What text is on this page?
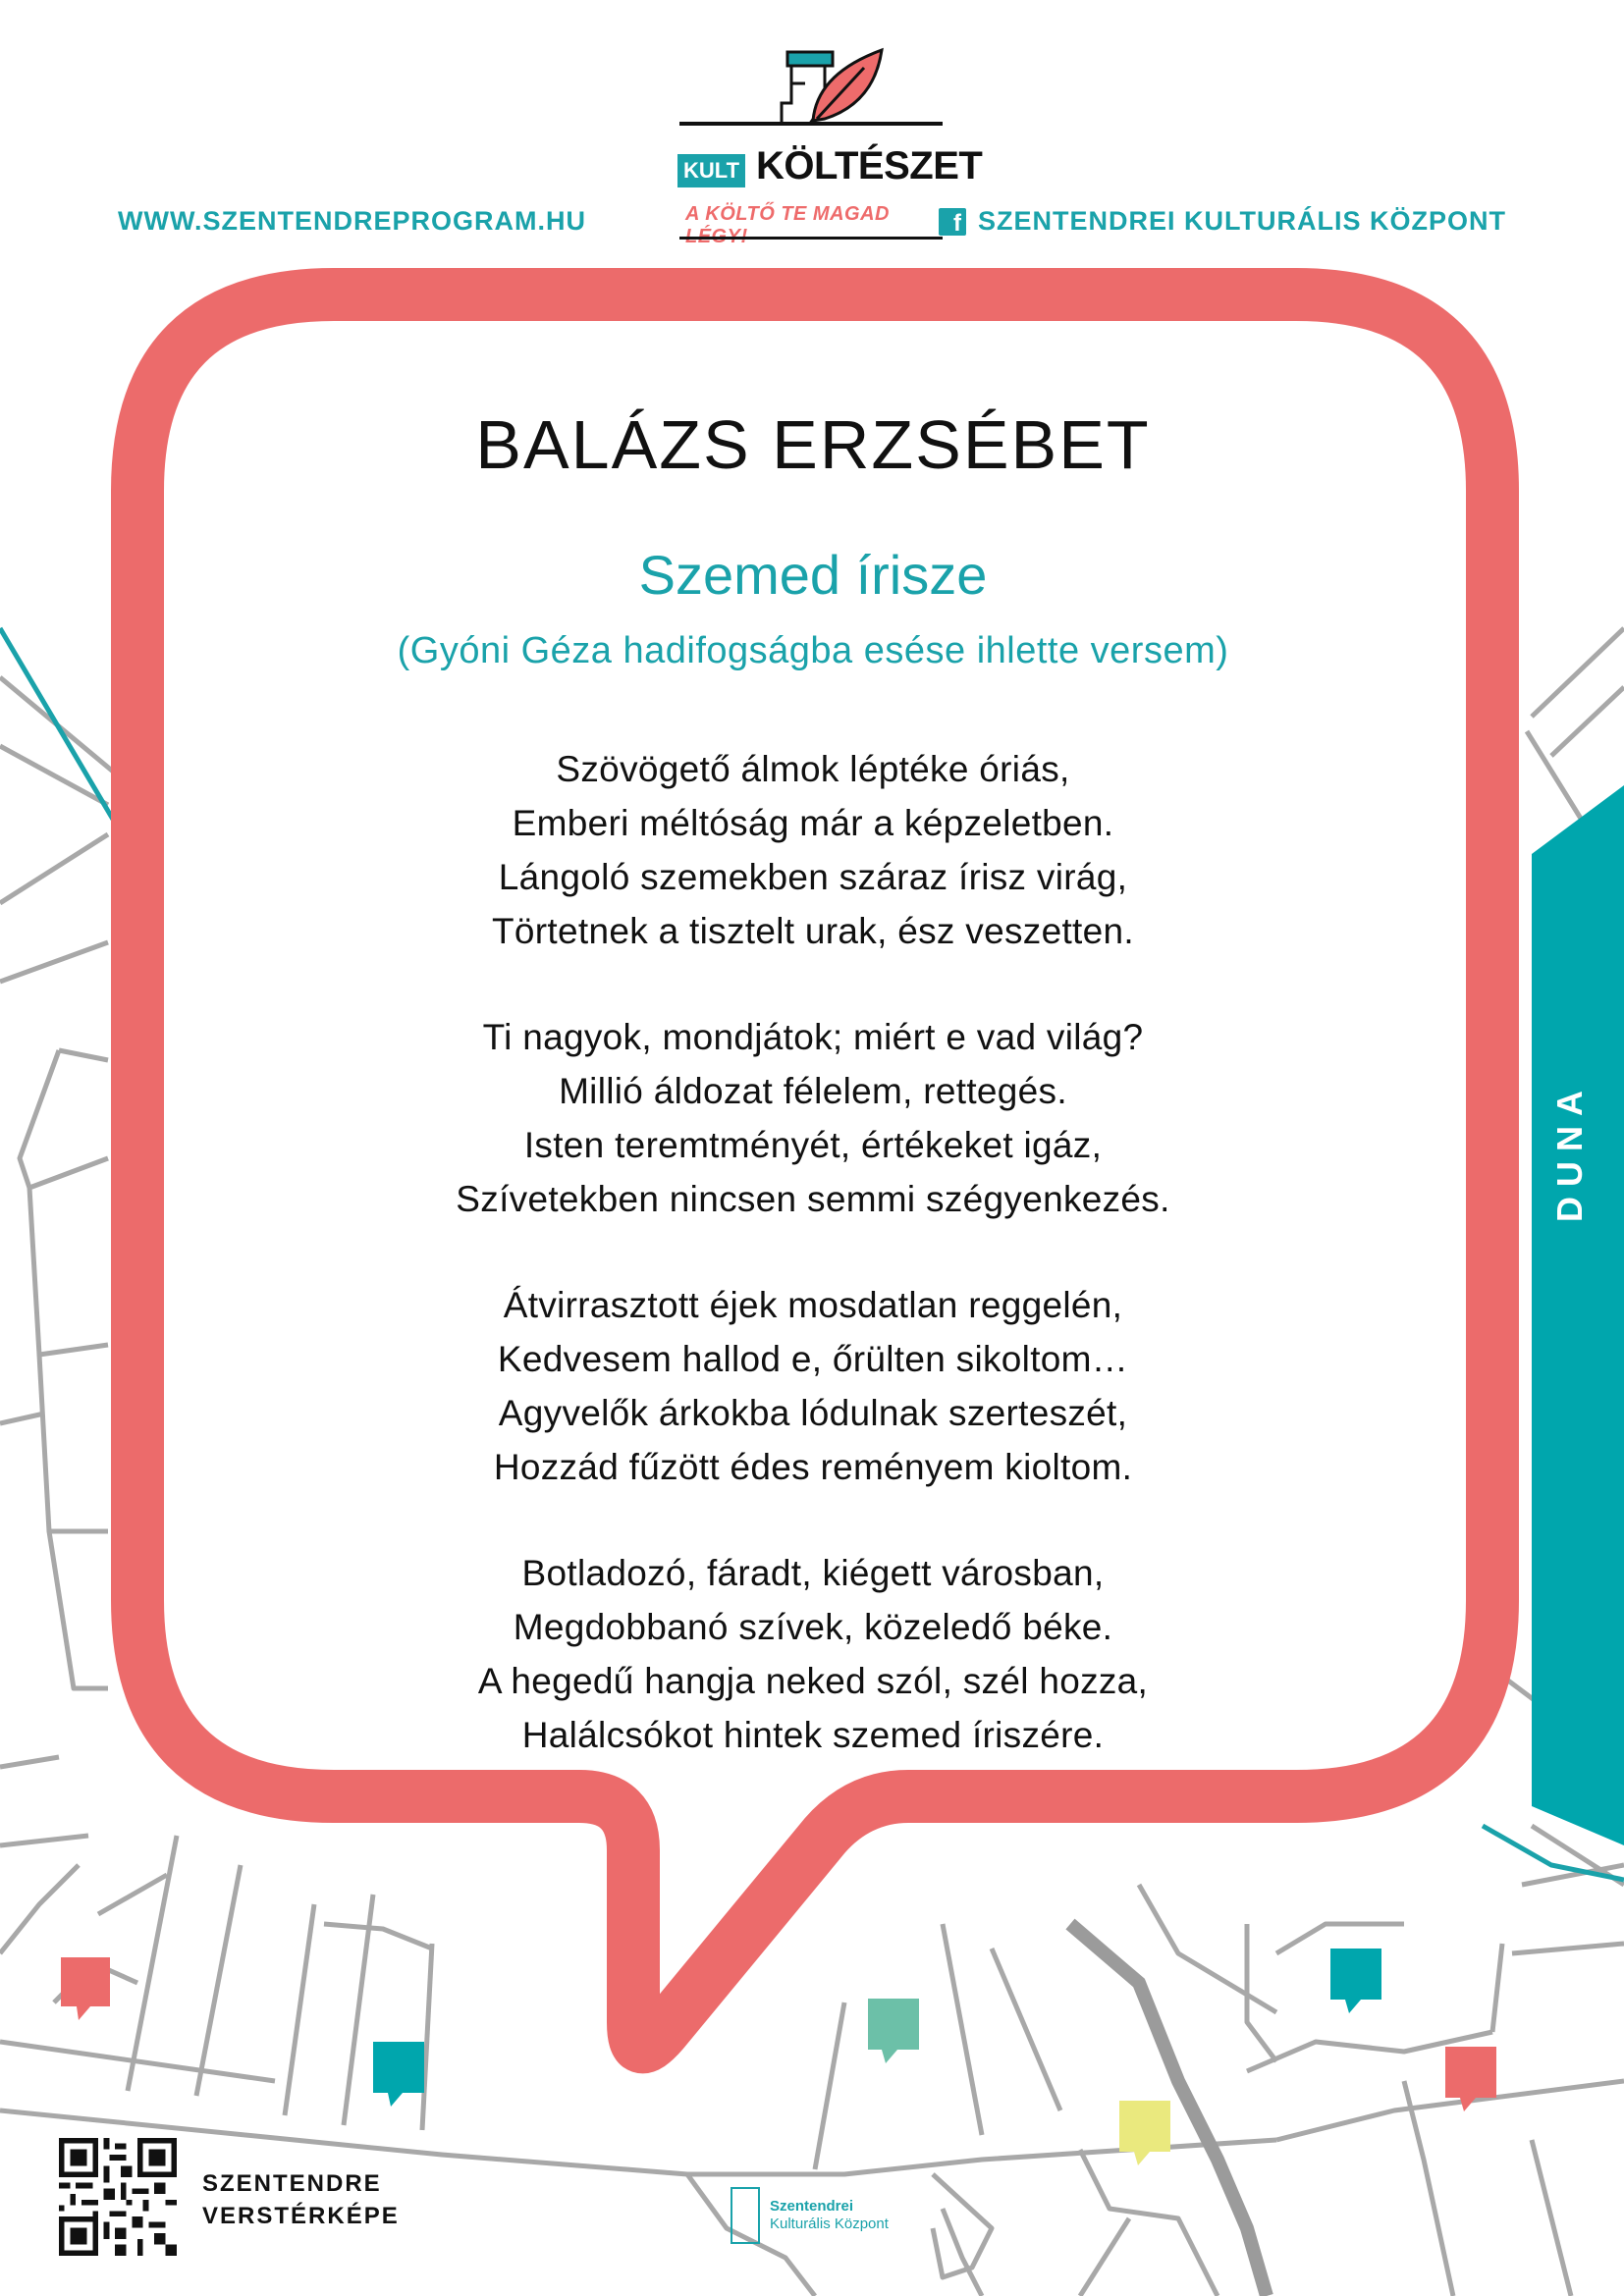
WWW.SZENTENDREPROGRAM.HU	f SZENTENDREI KULTURÁLIS KÖZPONT
KULT KÖLTÉSZET
A KÖLTŐ TE MAGAD
BALÁZS ERZSÉBET
Szemed írisze
(Gyóni Géza hadifogságba esése ihlette versem)
Szövögető álmok léptéke óriás,
Emberi méltóság már a képzeletben.
Lángoló szemekben száraz írisz virág,
Törtetnek a tisztelt urak, ész veszetten.
Ti nagyok, mondjátok; miért e vad világ?
Millió áldozat félelem, rettegés.
Isten teremtményét, értékeket igáz,
Szívetekben nincsen semmi szégyenkezés.
Átvirrasztott éjek mosdatlan reggelén,
Kedvesem hallod e, őrülten sikoltom…
Agyvelők árkokba lódulnak szerteszét,
Hozzád fűzött édes reményem kioltom.
Botladozó, fáradt, kiégett városban,
Megdobbanó szívek, közeledő béke.
A hegedű hangja neked szól, szél hozza,
Halálcsókot hintek szemed íriszére.
DUNA
SZENTENDRE
VERSTÉRKÉPE	Szentendrei
Kulturális Központ
